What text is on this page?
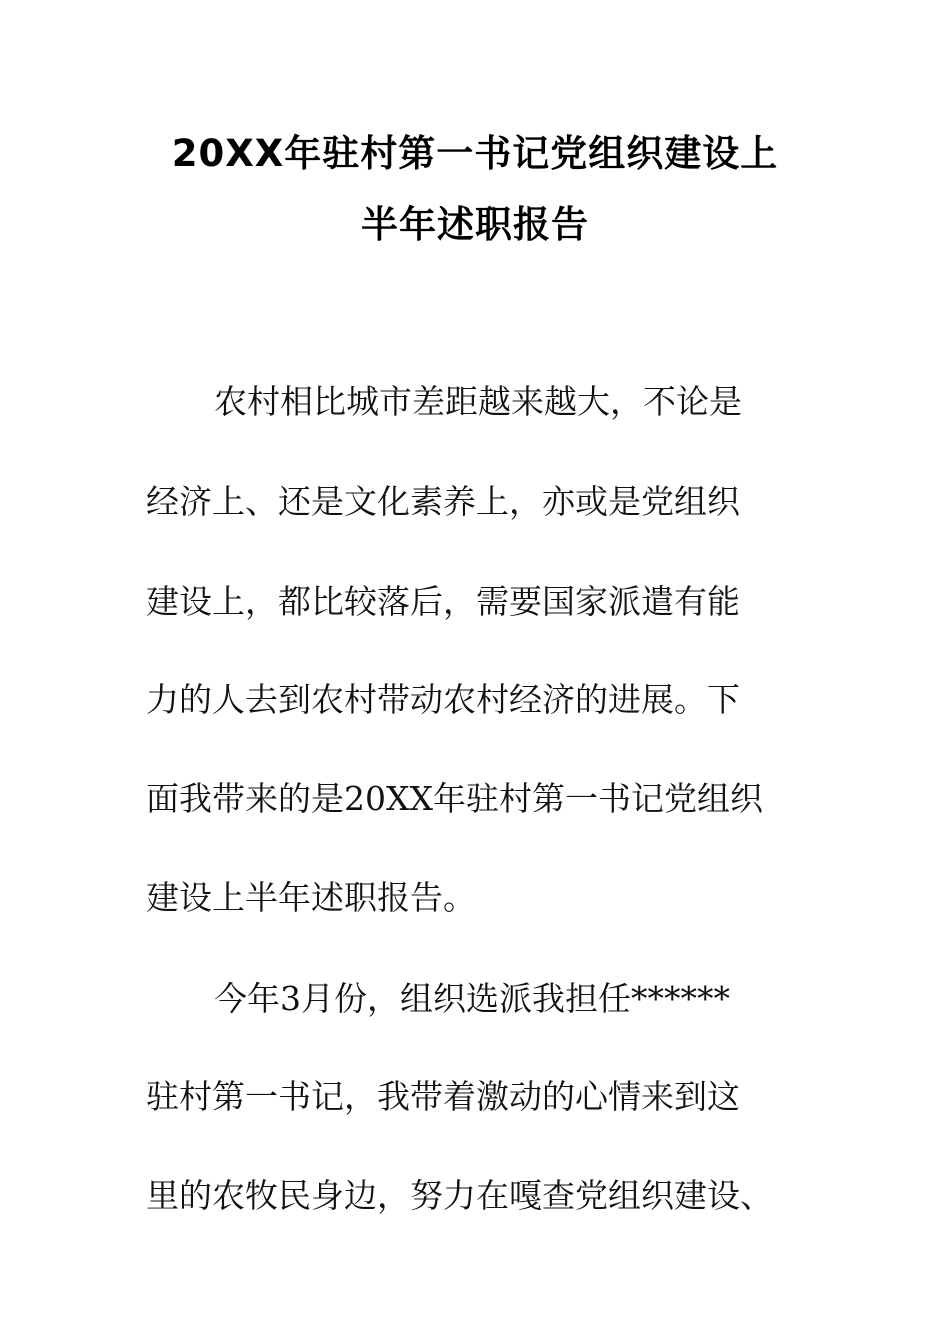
20XX年驻村第一书记党组织建设上
半年述职报告
农村相比城市差距越来越大，不论是
经济上、还是文化素养上，亦或是党组织
建设上，都比较落后，需要国家派遣有能
力的人去到农村带动农村经济的进展。下
面我带来的是20XX年驻村第一书记党组织
建设上半年述职报告。
今年3月份，组织选派我担任******
驻村第一书记，我带着激动的心情来到这
里的农牧民身边，努力在嘎查党组织建设、
